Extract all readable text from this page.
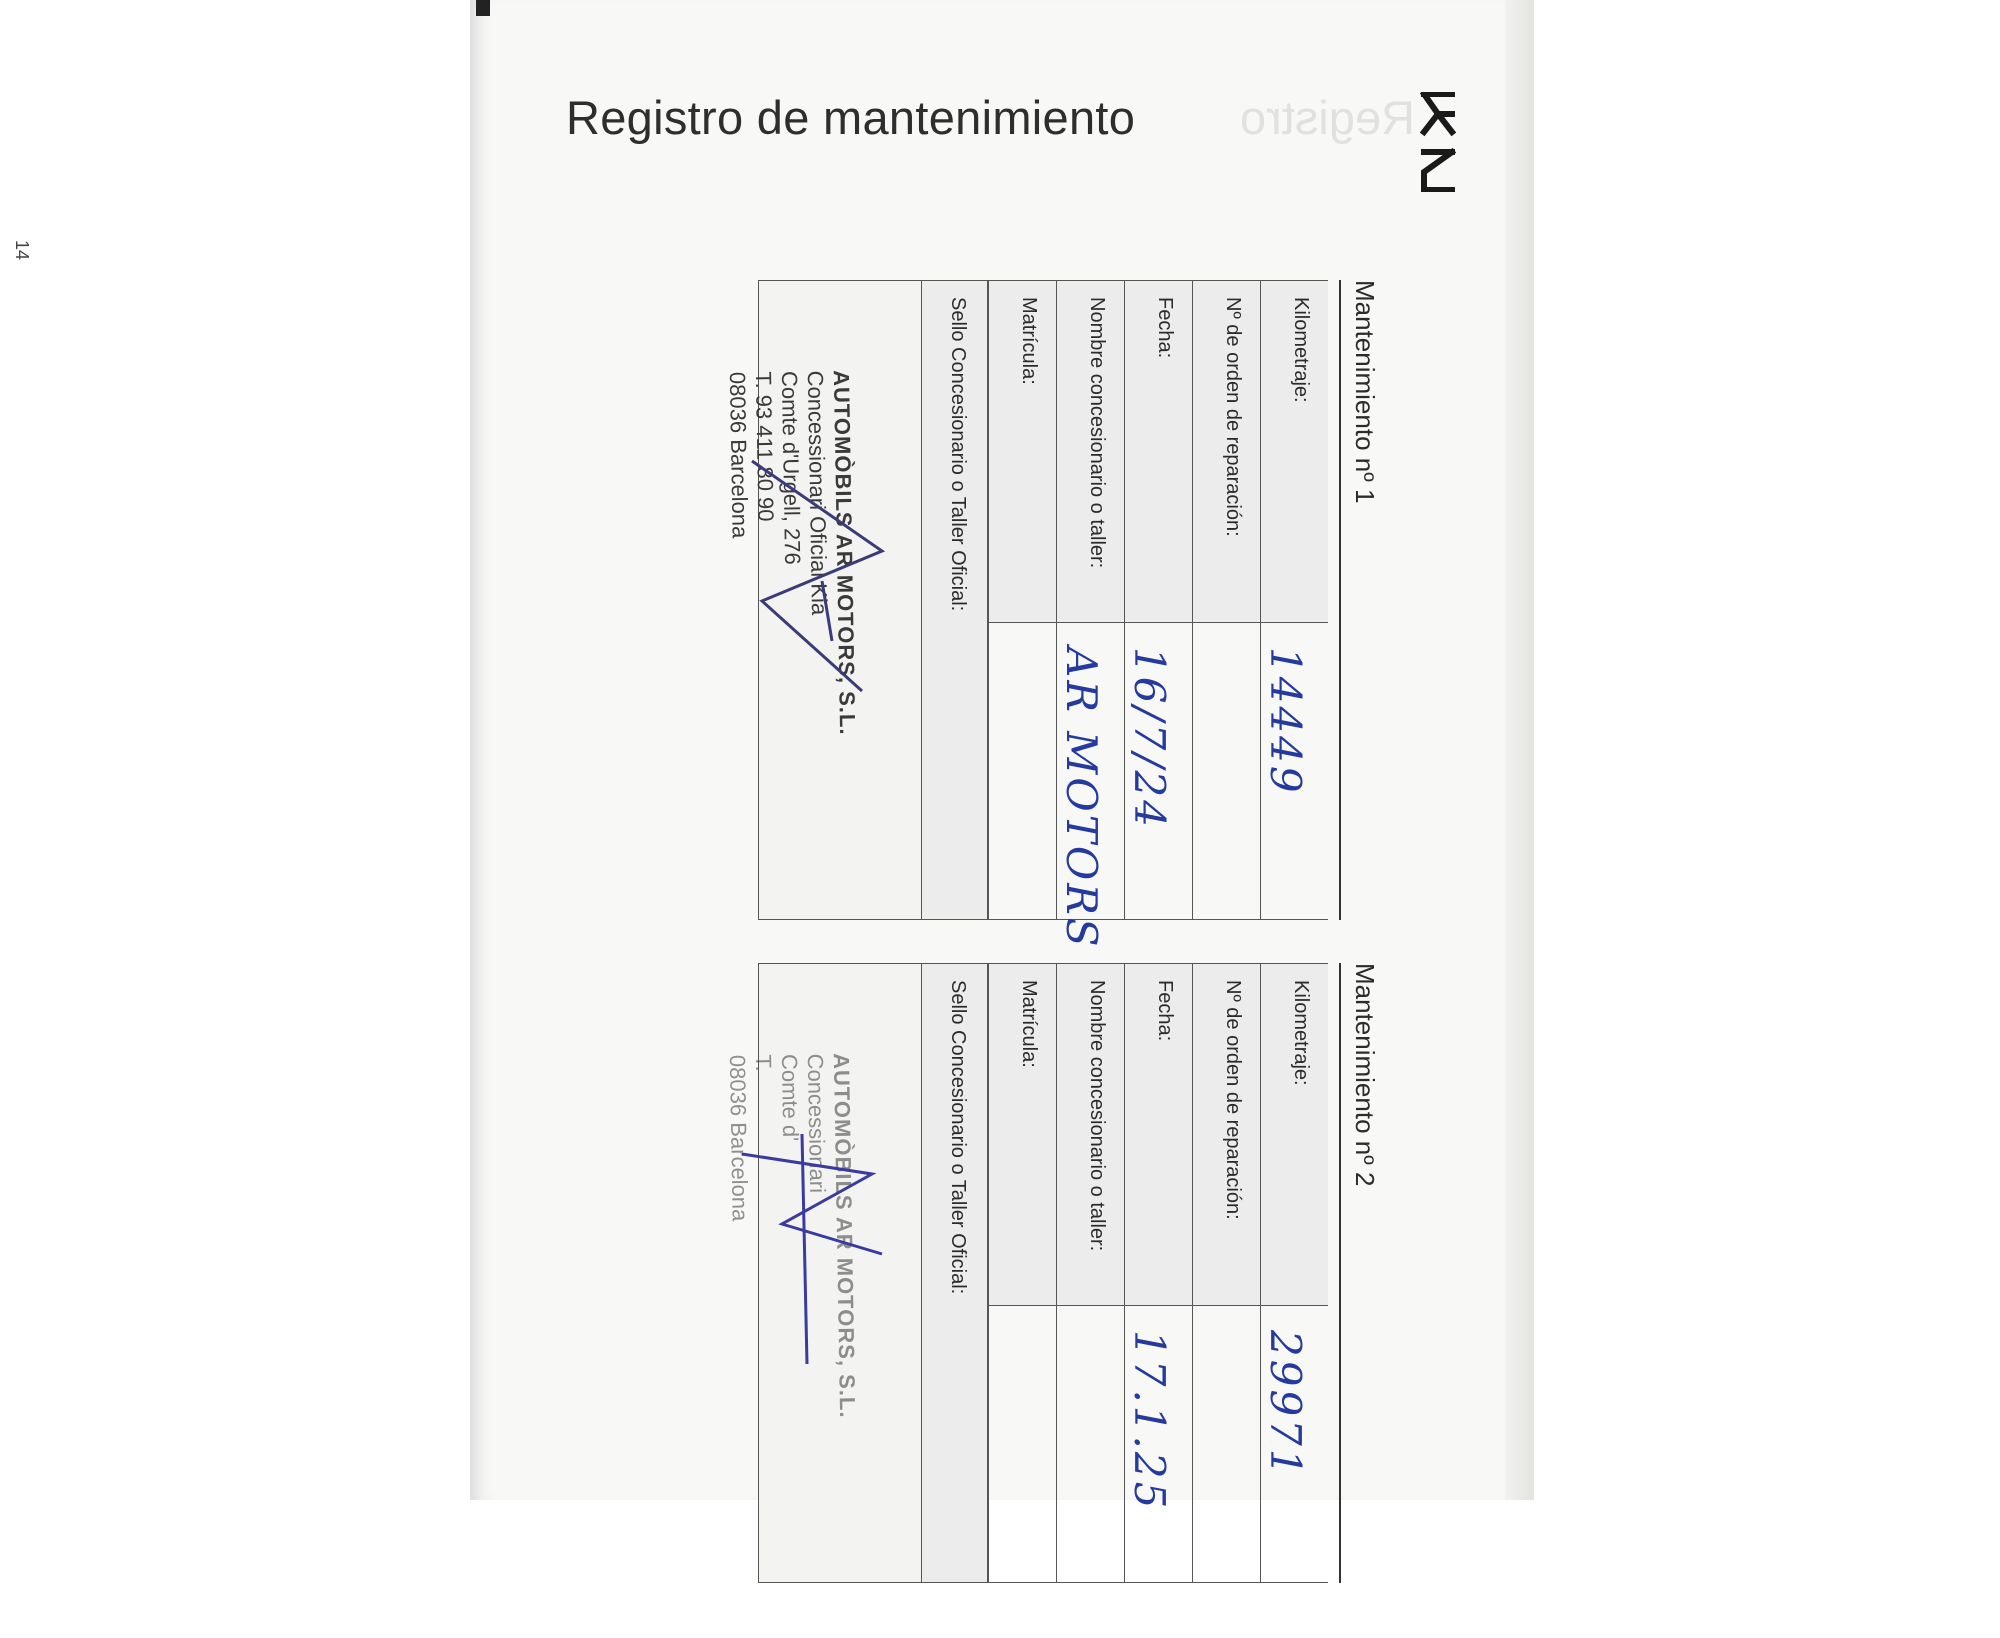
Registro de mantenimiento Registro
Mantenimiento nº 1
Kilometraje:
14449
Nº de orden de reparación:
Fecha:
16/7/24
Nombre concesionario o taller:
AR MOTORS
Matrícula:
Sello Concesionario o Taller Oficial:
AUTOMÒBILS AR MOTORS, S.L.
Concessionari Oficial Kia
Comte d'Urgell, 276
T. 93 411 80 90
08036 Barcelona
14
Mantenimiento nº 2
Kilometraje:
29971
Nº de orden de reparación:
Fecha:
17.1.25
Nombre concesionario o taller:
Matrícula:
Sello Concesionario o Taller Oficial:
AUTOMÒBILS AR MOTORS, S.L.
Concessionari
Comte d'
T.
08036 Barcelona
